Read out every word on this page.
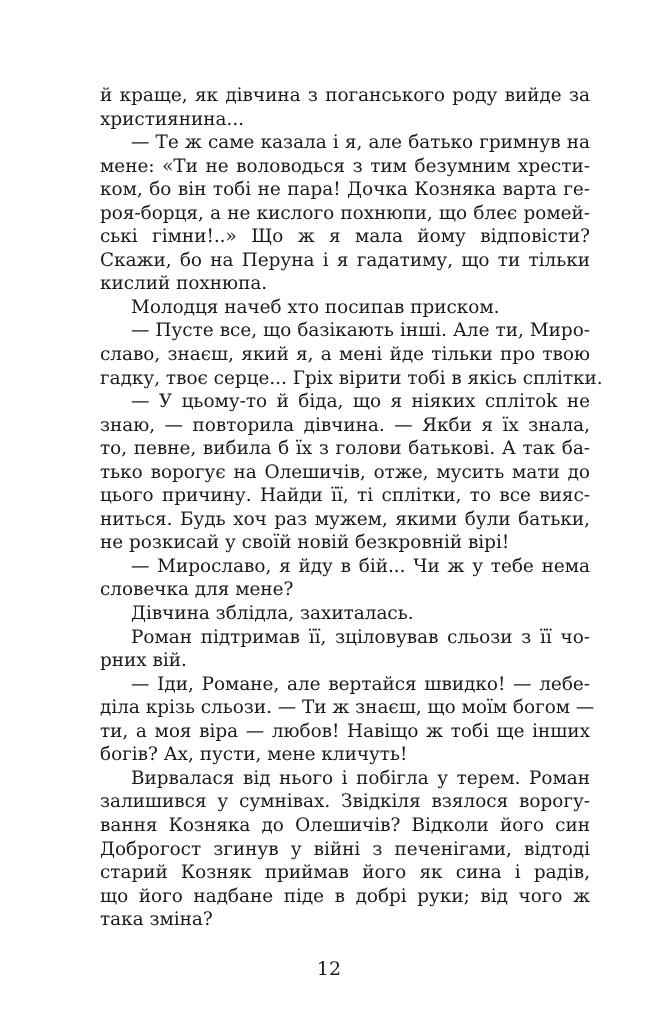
й краще, як дівчина з поганського роду вийде за
християнина...
— Те ж саме казала і я, але батько гримнув на
мене: «Ти не воловодься з тим безумним хрести-
ком, бо він тобі не пара! Дочка Козняка варта ге-
роя-борця, а не кислого похнюпи, що блеє ромей-
ські гімни!..» Що ж я мала йому відповісти?
Скажи, бо на Перуна і я гадатиму, що ти тільки
кислий похнюпа.
Молодця начеб хто посипав приском.
— Пусте все, що базікають інші. Але ти, Миро-
славо, знаєш, який я, а мені йде тільки про твою
гадку, твоє серце... Гріх вірити тобі в якісь сплітки.
— У цьому-то й біда, що я ніяких сплітоk не
знаю, — повторила дівчина. — Якби я їх знала,
то, певне, вибила б їх з голови батькові. А так ба-
тько ворогує на Олешичів, отже, мусить мати до
цього причину. Найди її, ті сплітки, то все вияс-
ниться. Будь хоч раз мужем, якими були батьки,
не розкисай у своїй новій безкровній вірі!
— Мирославо, я йду в бій... Чи ж у тебе нема
словечка для мене?
Дівчина зблідла, захиталась.
Роман підтримав її, зціловував сльози з її чо-
рних вій.
— Іди, Романе, але вертайся швидко! — лебе-
діла крізь сльози. — Ти ж знаєш, що моїм богом —
ти, а моя віра — любов! Навіщо ж тобі ще інших
богів? Ах, пусти, мене кличуть!
Вирвалася від нього і побігла у терем. Роман
залишився у сумнівах. Звідкіля взялося ворогу-
вання Козняка до Олешичів? Відколи його син
Доброгост згинув у війні з печенігами, відтоді
старий Козняк приймав його як сина і радів,
що його надбане піде в добрі руки; від чого ж
така зміна?
12
